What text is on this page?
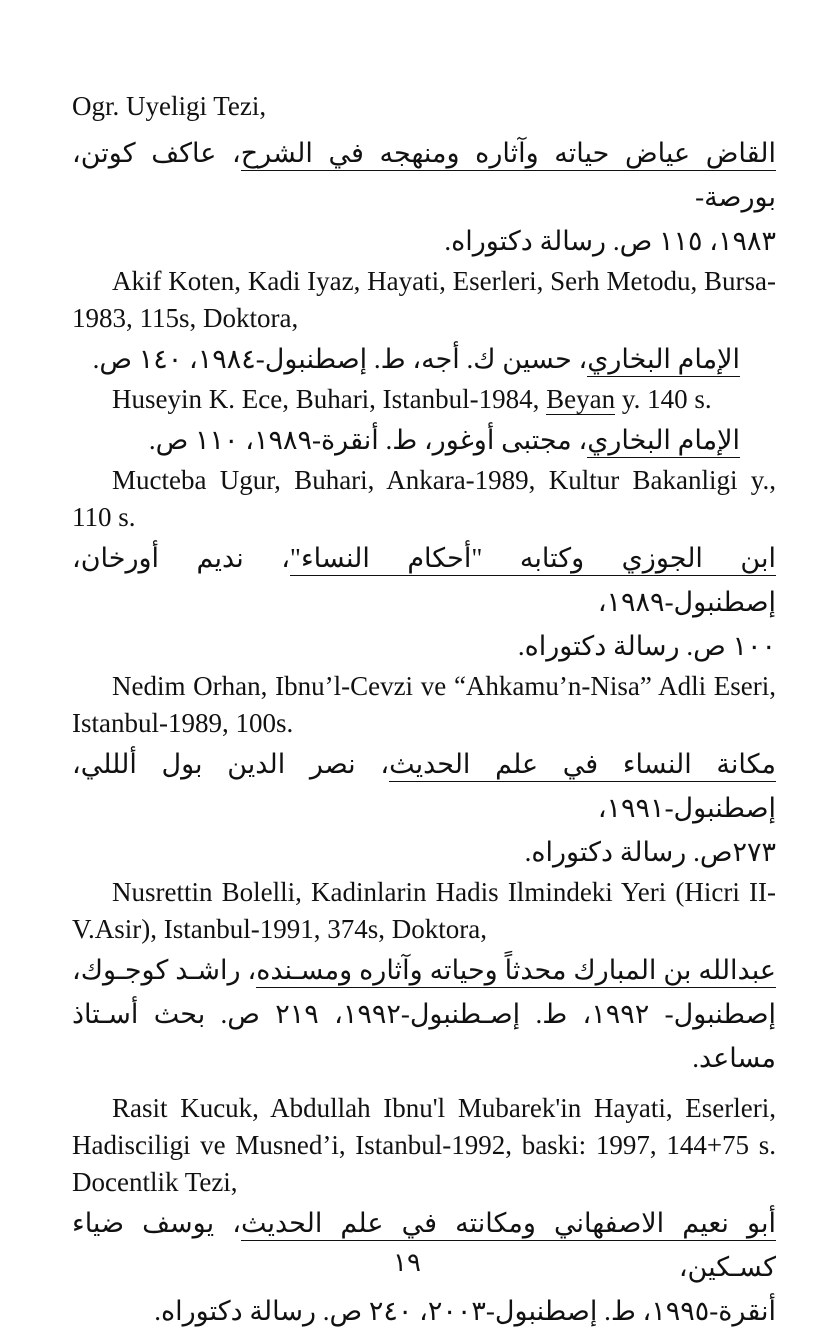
Ogr. Uyeligi Tezi,

القاض عياض حياته وآثاره ومنهجه في الشرح، عاكف كوتن، بورصة-

١٩٨٣، ١١٥ ص. رسالة دكتوراه.

Akif Koten, Kadi Iyaz, Hayati, Eserleri, Serh Metodu, Bursa-1983, 115s, Doktora,

الإمام البخاري، حسين ك. أجه، ط. إصطنبول-١٩٨٤، ١٤٠ ص.

Huseyin K. Ece, Buhari, Istanbul-1984, Beyan y. 140 s.

الإمام البخاري، مجتبى أوغور، ط. أنقرة-١٩٨٩، ١١٠ ص.

Mucteba Ugur, Buhari, Ankara-1989, Kultur Bakanligi y., 110 s.

ابن الجوزي وكتابه "أحكام النساء"، نديم أورخان، إصطنبول-١٩٨٩،

١٠٠ ص. رسالة دكتوراه.

Nedim Orhan, Ibnu’l-Cevzi ve “Ahkamu’n-Nisa” Adli Eseri, Istanbul-1989, 100s.

مكانة النساء في علم الحديث، نصر الدين بول ألللي، إصطنبول-١٩٩١،

٢٧٣ص. رسالة دكتوراه.

Nusrettin Bolelli, Kadinlarin Hadis Ilmindeki Yeri (Hicri II-V.Asir), Istanbul-1991, 374s, Doktora,

عبدالله بن المبارك محدثاً وحياته وآثاره ومسـنده، راشـد كوجـوك،

إصطنبول- ١٩٩٢، ط. إصـطنبول-١٩٩٢، ٢١٩ ص. بحث أسـتاذ

مساعد.

Rasit Kucuk, Abdullah Ibnu'l Mubarek'in Hayati, Eserleri, Hadisciligi ve Musned’i, Istanbul-1992, baski: 1997, 144+75 s. Docentlik Tezi,

أبو نعيم الاصفهاني ومكانته في علم الحديث، يوسف ضياء كسـكين،

أنقرة-١٩٩٥، ط. إصطنبول-٢٠٠٣، ٢٤٠ ص. رسالة دكتوراه.

١٩
